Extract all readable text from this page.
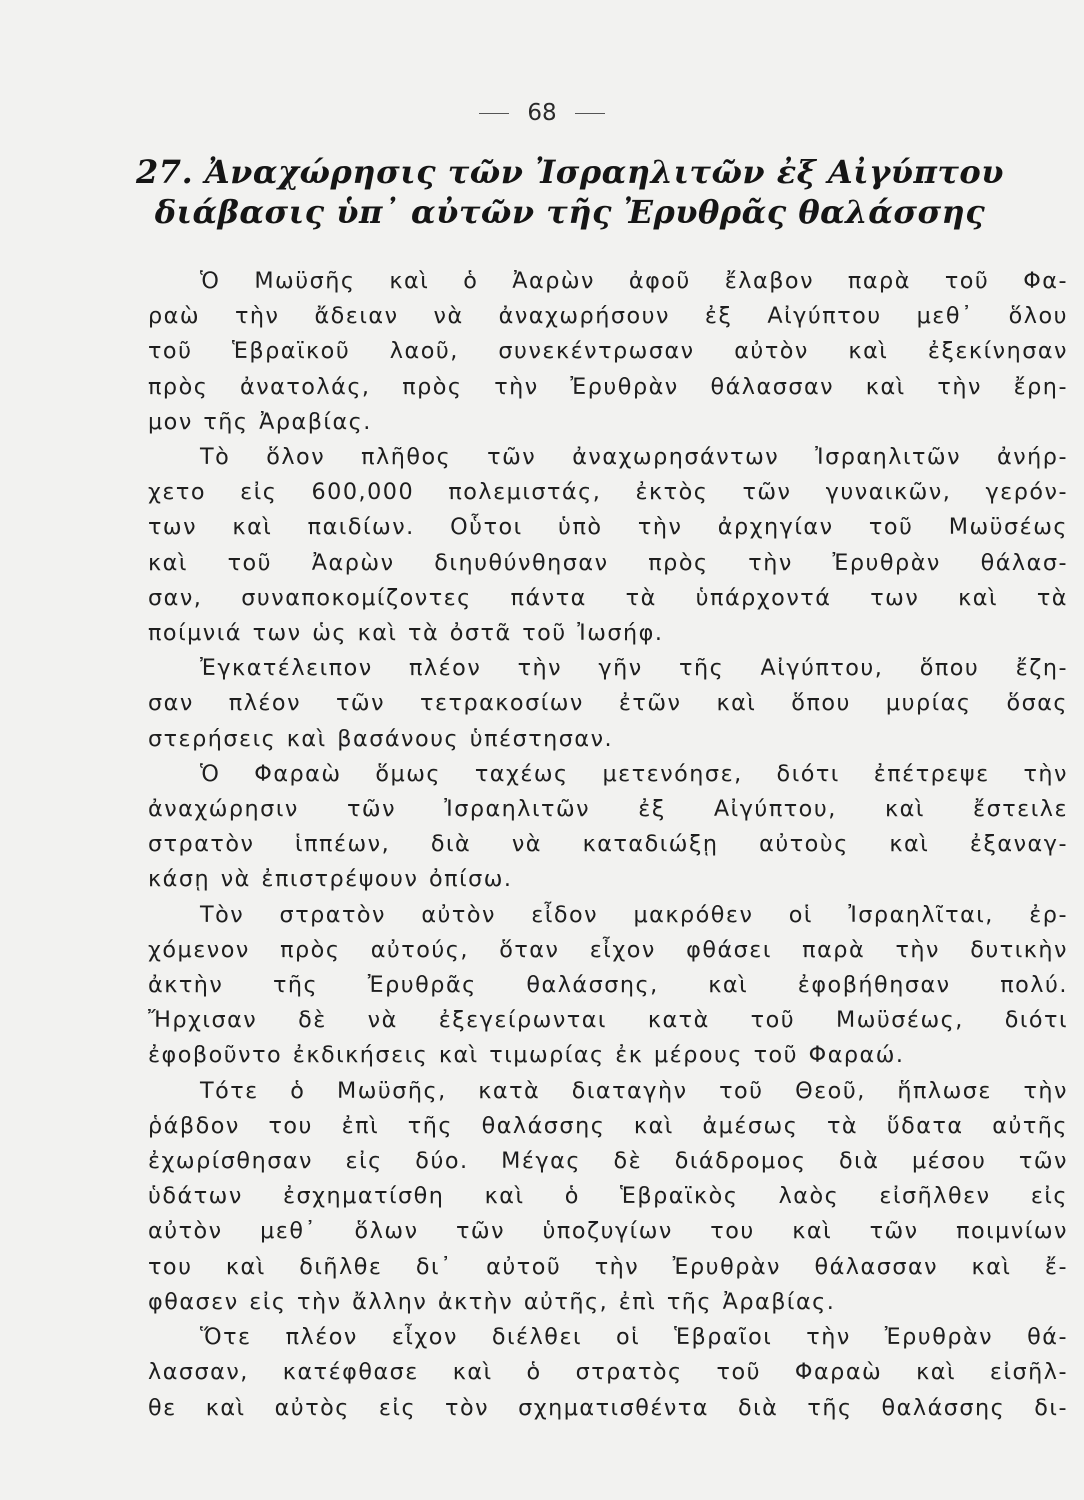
68
27. Ἀναχώρησις τῶν Ἰσραηλιτῶν ἐξ Αἰγύπτου
διάβασις ὑπ᾿ αὐτῶν τῆς Ἐρυθρᾶς θαλάσσης
Ὁ Μωϋσῆς καὶ ὁ Ἀαρὼν ἀφοῦ ἔλαβον παρὰ τοῦ Φα-
ραὼ τὴν ἄδειαν νὰ ἀναχωρήσουν ἐξ Αἰγύπτου μεθ᾿ ὅλου
τοῦ Ἑβραϊκοῦ λαοῦ, συνεκέντρωσαν αὐτὸν καὶ ἐξεκίνησαν
πρὸς ἀνατολάς, πρὸς τὴν Ἐρυθρὰν θάλασσαν καὶ τὴν ἔρη-
μον τῆς Ἀραβίας.
Τὸ ὅλον πλῆθος τῶν ἀναχωρησάντων Ἰσραηλιτῶν ἀνήρ-
χετο εἰς 600,000 πολεμιστάς, ἐκτὸς τῶν γυναικῶν, γερόν-
των καὶ παιδίων. Οὗτοι ὑπὸ τὴν ἀρχηγίαν τοῦ Μωϋσέως
καὶ τοῦ Ἀαρὼν διηυθύνθησαν πρὸς τὴν Ἐρυθρὰν θάλασ-
σαν, συναποκομίζοντες πάντα τὰ ὑπάρχοντά των καὶ τὰ
ποίμνιά των ὡς καὶ τὰ ὀστᾶ τοῦ Ἰωσήφ.
Ἐγκατέλειπον πλέον τὴν γῆν τῆς Αἰγύπτου, ὅπου ἔζη-
σαν πλέον τῶν τετρακοσίων ἐτῶν καὶ ὅπου μυρίας ὅσας
στερήσεις καὶ βασάνους ὑπέστησαν.
Ὁ Φαραὼ ὅμως ταχέως μετενόησε, διότι ἐπέτρεψε τὴν
ἀναχώρησιν τῶν Ἰσραηλιτῶν ἐξ Αἰγύπτου, καὶ ἔστειλε
στρατὸν ἱππέων, διὰ νὰ καταδιώξῃ αὐτοὺς καὶ ἐξαναγ-
κάσῃ νὰ ἐπιστρέψουν ὀπίσω.
Τὸν στρατὸν αὐτὸν εἶδον μακρόθεν οἱ Ἰσραηλῖται, ἐρ-
χόμενον πρὸς αὐτούς, ὅταν εἶχον φθάσει παρὰ τὴν δυτικὴν
ἀκτὴν τῆς Ἐρυθρᾶς θαλάσσης, καὶ ἐφοβήθησαν πολύ.
Ἤρχισαν δὲ νὰ ἐξεγείρωνται κατὰ τοῦ Μωϋσέως, διότι
ἐφοβοῦντο ἐκδικήσεις καὶ τιμωρίας ἐκ μέρους τοῦ Φαραώ.
Τότε ὁ Μωϋσῆς, κατὰ διαταγὴν τοῦ Θεοῦ, ἥπλωσε τὴν
ῥάβδον του ἐπὶ τῆς θαλάσσης καὶ ἀμέσως τὰ ὕδατα αὐτῆς
ἐχωρίσθησαν εἰς δύο. Μέγας δὲ διάδρομος διὰ μέσου τῶν
ὑδάτων ἐσχηματίσθη καὶ ὁ Ἑβραϊκὸς λαὸς εἰσῆλθεν εἰς
αὐτὸν μεθ᾿ ὅλων τῶν ὑποζυγίων του καὶ τῶν ποιμνίων
του καὶ διῆλθε δι᾿ αὐτοῦ τὴν Ἐρυθρὰν θάλασσαν καὶ ἔ-
φθασεν εἰς τὴν ἄλλην ἀκτὴν αὐτῆς, ἐπὶ τῆς Ἀραβίας.
Ὅτε πλέον εἶχον διέλθει οἱ Ἑβραῖοι τὴν Ἐρυθρὰν θά-
λασσαν, κατέφθασε καὶ ὁ στρατὸς τοῦ Φαραὼ καὶ εἰσῆλ-
θε καὶ αὐτὸς εἰς τὸν σχηματισθέντα διὰ τῆς θαλάσσης δι-
